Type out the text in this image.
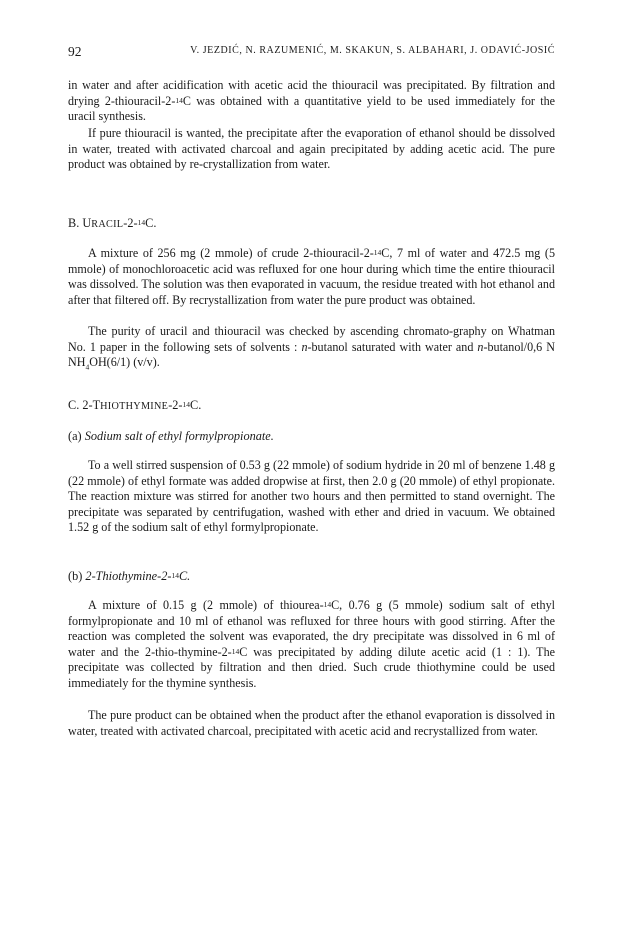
92	V. JEZDIĆ, N. RAZUMENIĆ, M. SKAKUN, S. ALBAHARI, J. ODAVIĆ-JOSIĆ
in water and after acidification with acetic acid the thiouracil was precipitated. By filtration and drying 2-thiouracil-2-$^{14}$C was obtained with a quantitative yield to be used immediately for the uracil synthesis.
If pure thiouracil is wanted, the precipitate after the evaporation of ethanol should be dissolved in water, treated with activated charcoal and again precipitated by adding acetic acid. The pure product was obtained by re-crystallization from water.
B. URACIL-2-$^{14}$C.
A mixture of 256 mg (2 mmole) of crude 2-thiouracil-2-$^{14}$C, 7 ml of water and 472.5 mg (5 mmole) of monochloroacetic acid was refluxed for one hour during which time the entire thiouracil was dissolved. The solution was then evaporated in vacuum, the residue treated with hot ethanol and after that filtered off. By recrystallization from water the pure product was obtained.
The purity of uracil and thiouracil was checked by ascending chromato-graphy on Whatman No. 1 paper in the following sets of solvents : n-butanol saturated with water and n-butanol/0,6 N $NH_4OH(6/1)$ (v/v).
C. 2-THIOTHYMINE-2-$^{14}$C.
(a) Sodium salt of ethyl formylpropionate.
To a well stirred suspension of 0.53 g (22 mmole) of sodium hydride in 20 ml of benzene 1.48 g (22 mmole) of ethyl formate was added dropwise at first, then 2.0 g (20 mmole) of ethyl propionate. The reaction mixture was stirred for another two hours and then permitted to stand overnight. The precipitate was separated by centrifugation, washed with ether and dried in vacuum. We obtained 1.52 g of the sodium salt of ethyl formylpropionate.
(b) 2-Thiothymine-2-$^{14}$C.
A mixture of 0.15 g (2 mmole) of thiourea-$^{14}$C, 0.76 g (5 mmole) sodium salt of ethyl formylpropionate and 10 ml of ethanol was refluxed for three hours with good stirring. After the reaction was completed the solvent was evaporated, the dry precipitate was dissolved in 6 ml of water and the 2-thio-thymine-2-$^{14}$C was precipitated by adding dilute acetic acid (1 : 1). The precipitate was collected by filtration and then dried. Such crude thiothymine could be used immediately for the thymine synthesis.
The pure product can be obtained when the product after the ethanol evaporation is dissolved in water, treated with activated charcoal, precipitated with acetic acid and recrystallized from water.
